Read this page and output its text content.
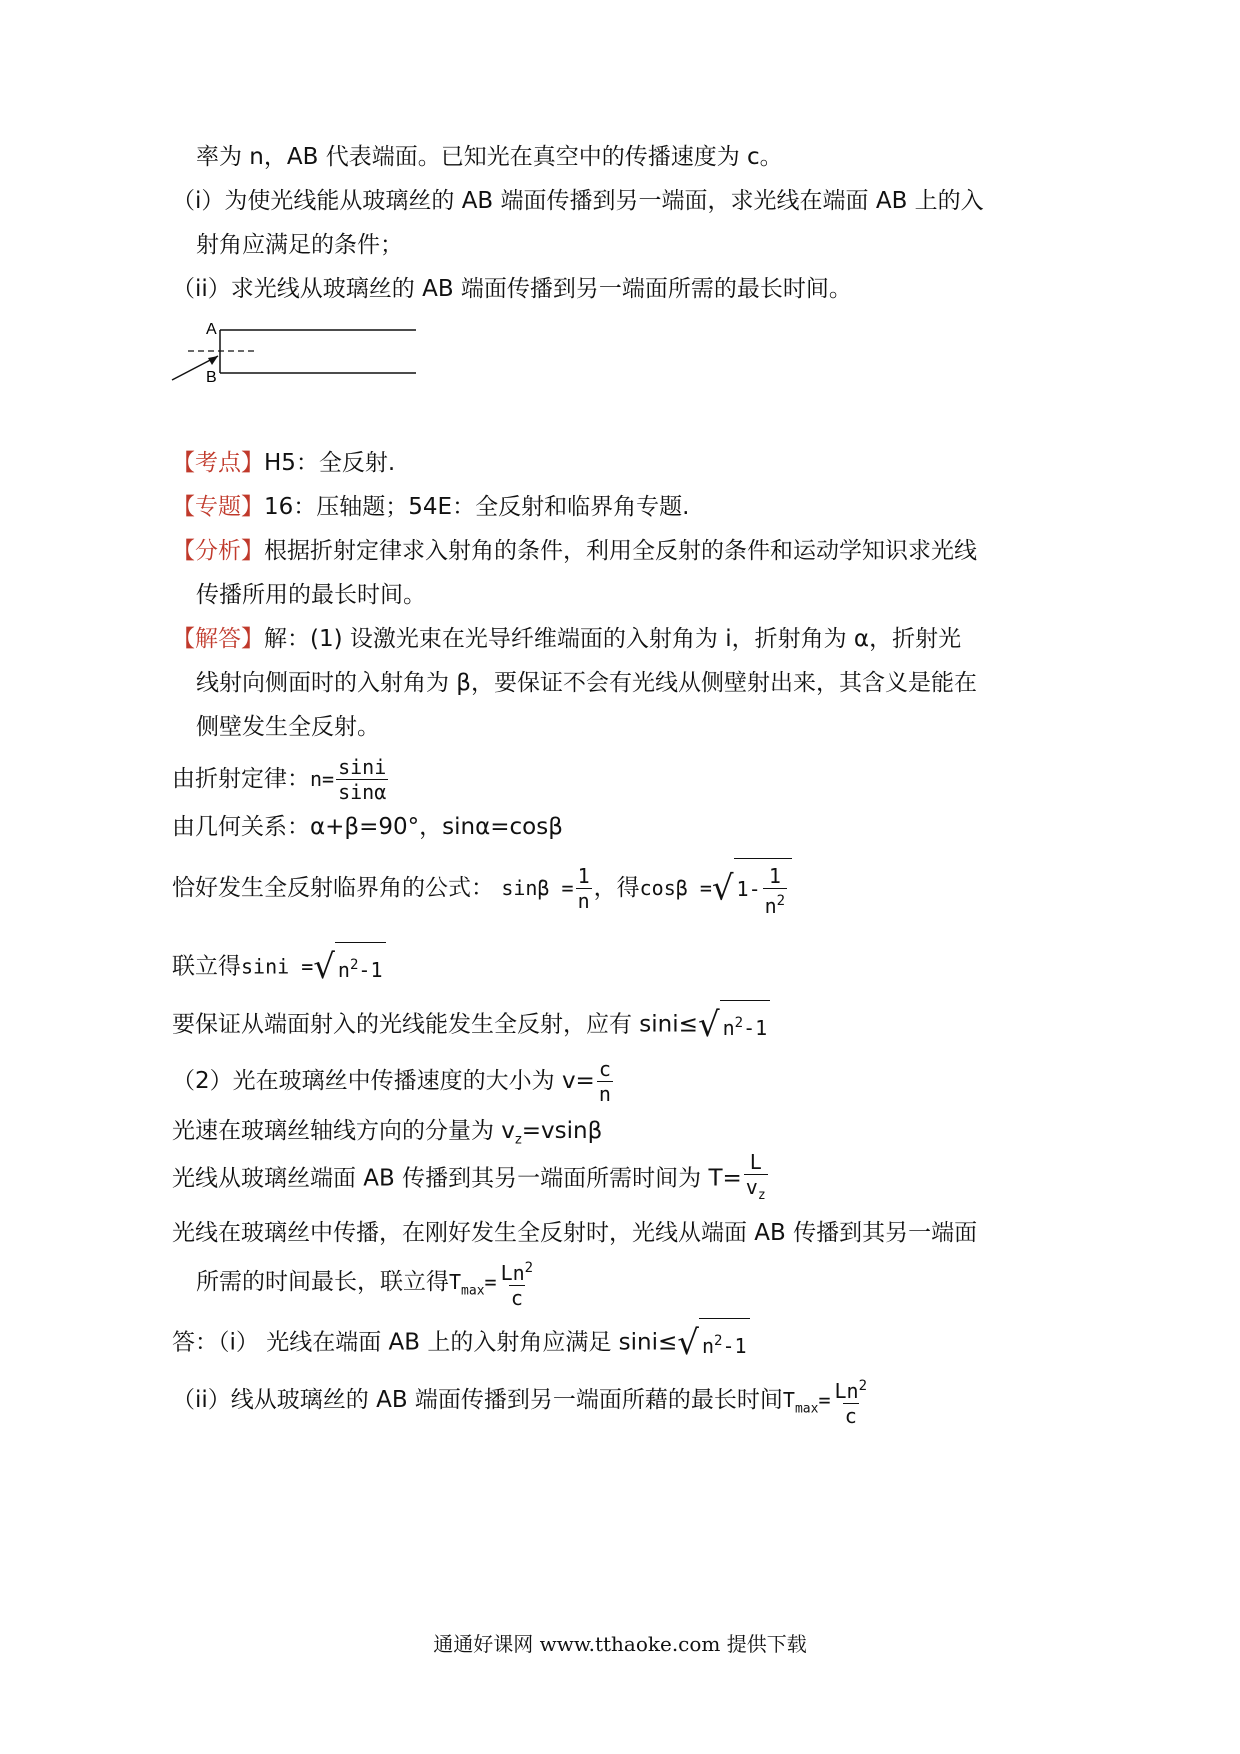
率为 n，AB 代表端面。已知光在真空中的传播速度为 c。
（i）为使光线能从玻璃丝的 AB 端面传播到另一端面，求光线在端面 AB 上的入
射角应满足的条件；
（ii）求光线从玻璃丝的 AB 端面传播到另一端面所需的最长时间。
A
B
【考点】H5：全反射.
【专题】16：压轴题；54E：全反射和临界角专题.
【分析】根据折射定律求入射角的条件，利用全反射的条件和运动学知识求光线
传播所用的最长时间。
【解答】解：(1) 设激光束在光导纤维端面的入射角为 i，折射角为 α，折射光
线射向侧面时的入射角为 β，要保证不会有光线从侧壁射出来，其含义是能在
侧壁发生全反射。
由折射定律：$n= \frac{\sin i}{\sin\alpha}$
由几何关系：α+β=90°，sinα=cosβ
恰好发生全反射临界角的公式： $\sin\beta = \frac{1}{n}$ ，得cosβ =√ $1- \frac{1}{n^2}$
联立得sini =√ $n^2-1$
要保证从端面射入的光线能发生全反射，应有 sini≤√ $n^2-1$
（2）光在玻璃丝中传播速度的大小为 $v= \frac{c}{n}$
光速在玻璃丝轴线方向的分量为 $v_z=vsin\beta$
光线从玻璃丝端面 AB 传播到其另一端面所需时间为 $T= \frac{L}{v_z}$
光线在玻璃丝中传播，在刚好发生全反射时，光线从端面 AB 传播到其另一端面
所需的时间最长，联立得$T_{max}= \frac{Ln^2}{c}$
答：（i） 光线在端面 AB 上的入射角应满足 sini≤√ $n^2-1$
（ii）线从玻璃丝的 AB 端面传播到另一端面所藉的最长时间$T_{max}= \frac{Ln^2}{c}$
通通好课网 www.tthaoke.com 提供下载
